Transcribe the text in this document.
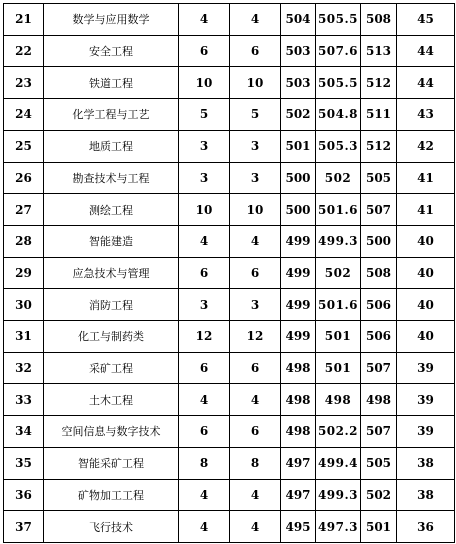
21	数学与应用数学	4	4	504	505.5	508	45
22	安全工程	6	6	503	507.6	513	44
23	铁道工程	10	10	503	505.5	512	44
24	化学工程与工艺	5	5	502	504.8	511	43
25	地质工程	3	3	501	505.3	512	42
26	勘查技术与工程	3	3	500	502	505	41
27	测绘工程	10	10	500	501.6	507	41
28	智能建造	4	4	499	499.3	500	40
29	应急技术与管理	6	6	499	502	508	40
30	消防工程	3	3	499	501.6	506	40
31	化工与制药类	12	12	499	501	506	40
32	采矿工程	6	6	498	501	507	39
33	土木工程	4	4	498	498	498	39
34	空间信息与数字技术	6	6	498	502.2	507	39
35	智能采矿工程	8	8	497	499.4	505	38
36	矿物加工工程	4	4	497	499.3	502	38
37	飞行技术	4	4	495	497.3	501	36
